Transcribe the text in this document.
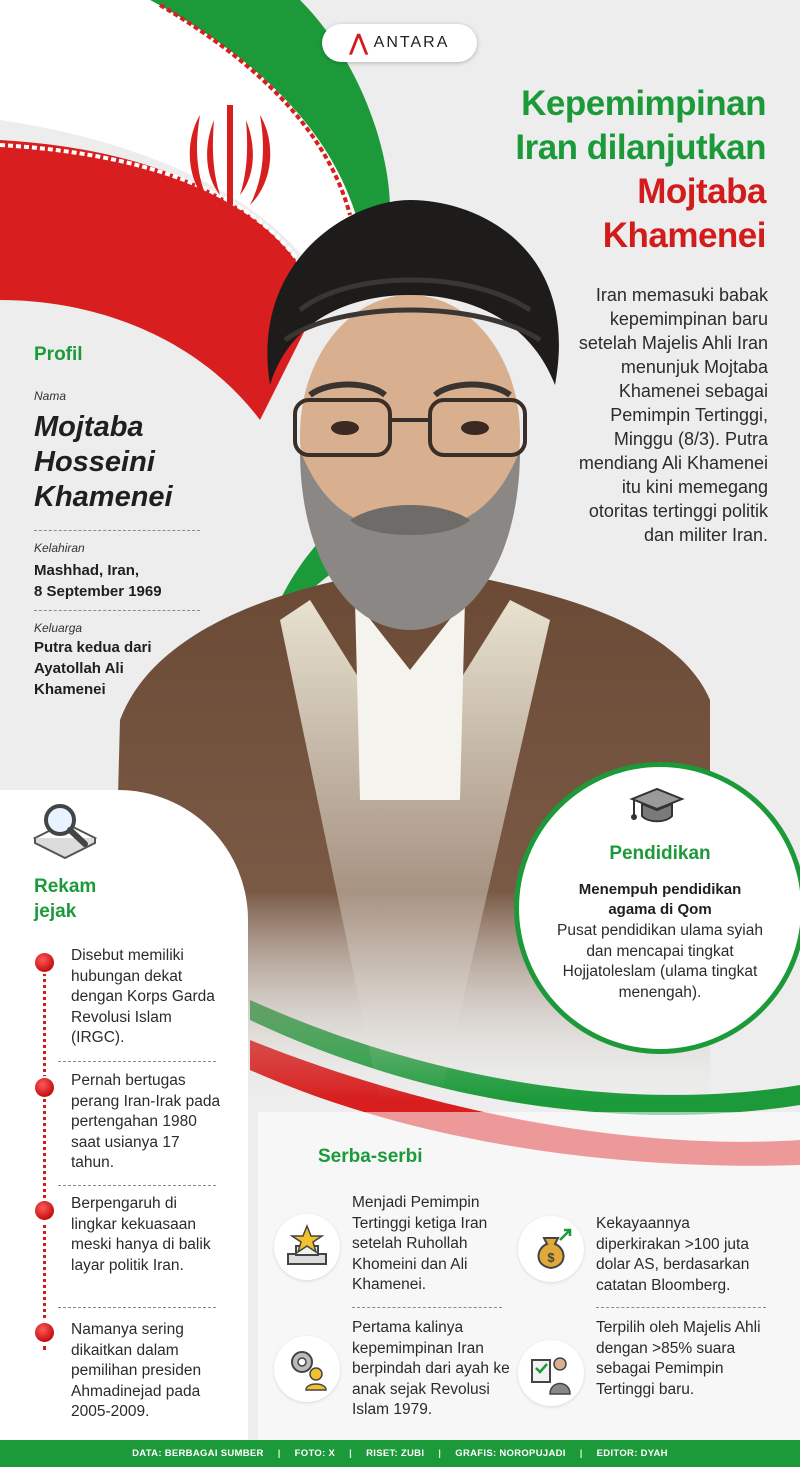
⋀ ANTARA
Kepemimpinan
Iran dilanjutkan
Mojtaba
Khamenei
Iran memasuki babak kepemimpinan baru setelah Majelis Ahli Iran menunjuk Mojtaba Khamenei sebagai Pemimpin Tertinggi, Minggu (8/3). Putra mendiang Ali Khamenei itu kini memegang otoritas tertinggi politik dan militer Iran.
Profil
Nama
Mojtaba
Hosseini
Khamenei
Kelahiran
Mashhad, Iran,
8 September 1969
Keluarga
Putra kedua dari
Ayatollah Ali
Khamenei
Rekam
jejak
Disebut memiliki hubungan dekat dengan Korps Garda Revolusi Islam (IRGC).
Pernah bertugas perang Iran-Irak pada pertengahan 1980 saat usianya 17 tahun.
Berpengaruh di lingkar kekuasaan meski hanya di balik layar politik Iran.
Namanya sering dikaitkan dalam pemilihan presiden Ahmadinejad pada 2005-2009.
Pendidikan
Menempuh pendidikan
agama di Qom
Pusat pendidikan ulama syiah dan mencapai tingkat Hojjatoleslam (ulama tingkat menengah).
Serba-serbi
Menjadi Pemimpin Tertinggi ketiga Iran setelah Ruhollah Khomeini dan Ali Khamenei.
$
Kekayaannya diperkirakan >100 juta dolar AS, berdasarkan catatan Bloomberg.
Pertama kalinya kepemimpinan Iran berpindah dari ayah ke anak sejak Revolusi Islam 1979.
Terpilih oleh Majelis Ahli dengan >85% suara sebagai Pemimpin Tertinggi baru.
DATA: BERBAGAI SUMBER | FOTO: X | RISET: ZUBI | GRAFIS: NOROPUJADI | EDITOR: DYAH
